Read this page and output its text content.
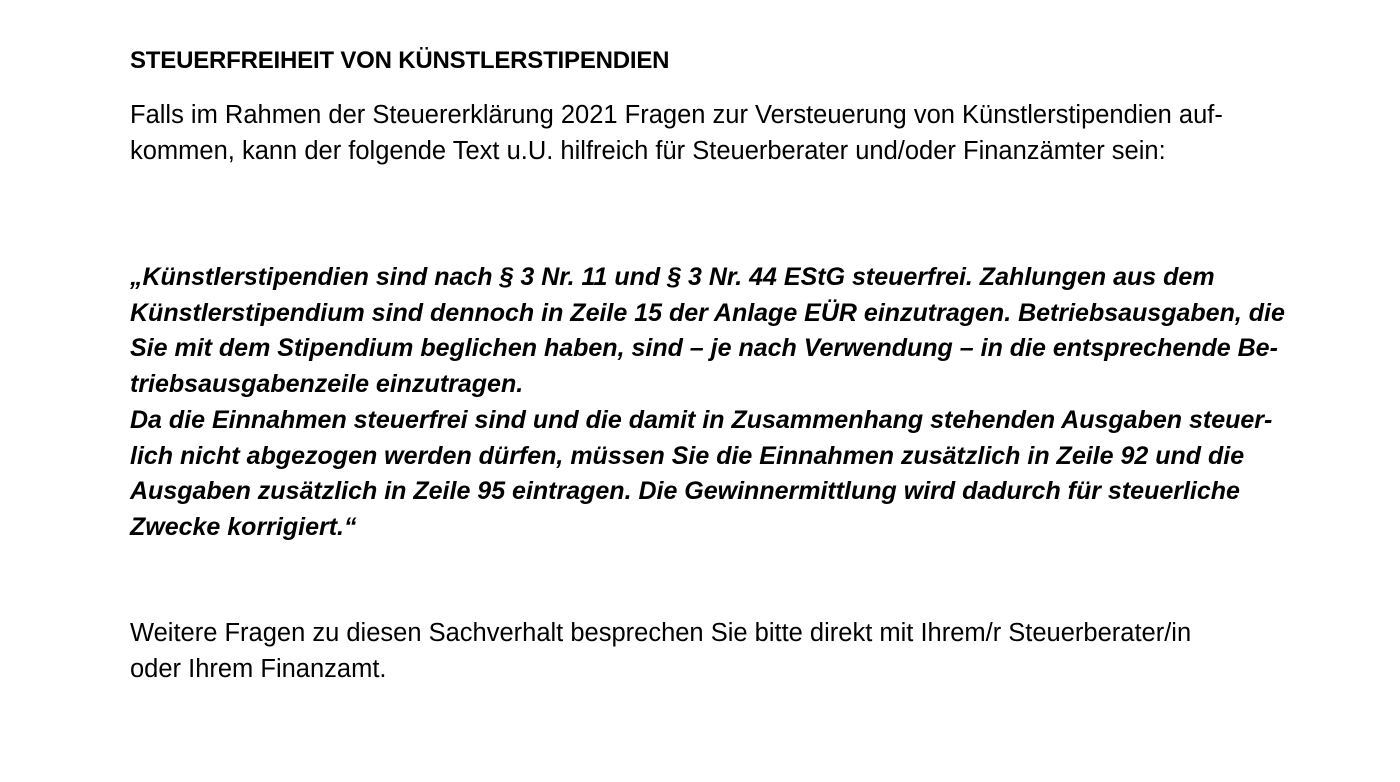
STEUERFREIHEIT VON KÜNSTLERSTIPENDIEN
Falls im Rahmen der Steuererklärung 2021 Fragen zur Versteuerung von Künstlerstipendien auf-
kommen, kann der folgende Text u.U. hilfreich für Steuerberater und/oder Finanzämter sein:
„Künstlerstipendien sind nach § 3 Nr. 11 und § 3 Nr. 44 EStG steuerfrei. Zahlungen aus dem
Künstlerstipendium sind dennoch in Zeile 15 der Anlage EÜR einzutragen. Betriebsausgaben, die
Sie mit dem Stipendium beglichen haben, sind – je nach Verwendung – in die entsprechende Be-
triebsausgabenzeile einzutragen.
Da die Einnahmen steuerfrei sind und die damit in Zusammenhang stehenden Ausgaben steuer-
lich nicht abgezogen werden dürfen, müssen Sie die Einnahmen zusätzlich in Zeile 92 und die
Ausgaben zusätzlich in Zeile 95 eintragen. Die Gewinnermittlung wird dadurch für steuerliche
Zwecke korrigiert.“
Weitere Fragen zu diesen Sachverhalt besprechen Sie bitte direkt mit Ihrem/r Steuerberater/in
oder Ihrem Finanzamt.
